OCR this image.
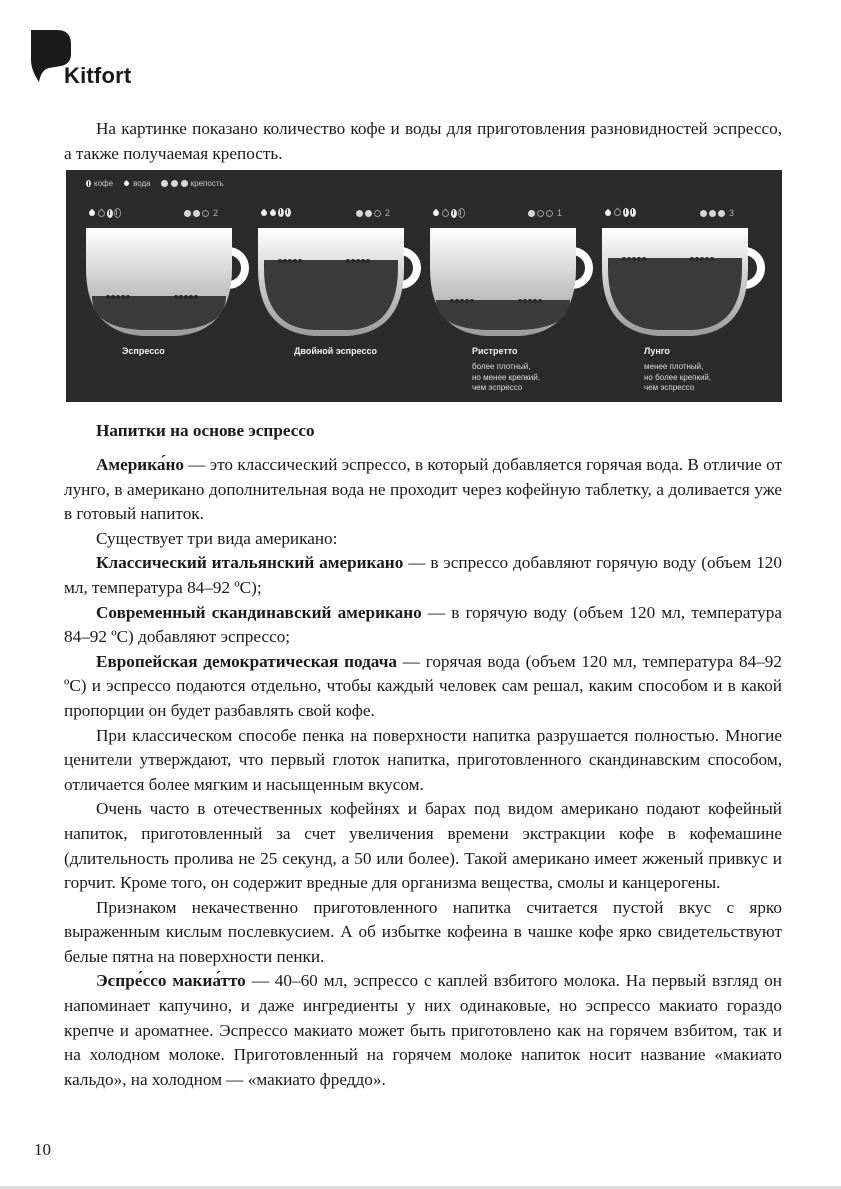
Kitfort

На картинке показано количество кофе и воды для приготовления разновидностей эспрессо, а также получаемая крепость.

кофе	вода	крепость
2
Эспрессо
2
Двойной эспрессо
1
Ристретто
более плотный,
но менее крепкий,
чем эспрессо
3
Лунго
менее плотный,
но более крепкий,
чем эспрессо
Напитки на основе эспрессо

Америка́но — это классический эспрессо, в который добавляется горячая вода. В отличие от лунго, в американо дополнительная вода не проходит через кофейную таблетку, а доливается уже в готовый напиток.

Существует три вида американо:

Классический итальянский американо — в эспрессо добавляют горячую воду (объем 120 мл, температура 84–92 ºС);

Современный скандинавский американо — в горячую воду (объем 120 мл, температура 84–92 ºС) добавляют эспрессо;

Европейская демократическая подача — горячая вода (объем 120 мл, температура 84–92 ºС) и эспрессо подаются отдельно, чтобы каждый человек сам решал, каким способом и в какой пропорции он будет разбавлять свой кофе.

При классическом способе пенка на поверхности напитка разрушается полностью. Многие ценители утверждают, что первый глоток напитка, приготовленного скандинавским способом, отличается более мягким и насыщенным вкусом.

Очень часто в отечественных кофейнях и барах под видом американо подают кофейный напиток, приготовленный за счет увеличения времени экстракции кофе в кофемашине (длительность пролива не 25 секунд, а 50 или более). Такой американо имеет жженый привкус и горчит. Кроме того, он содержит вредные для организма вещества, смолы и канцерогены.

Признаком некачественно приготовленного напитка считается пустой вкус с ярко выраженным кислым послевкусием. А об избытке кофеина в чашке кофе ярко свидетельствуют белые пятна на поверхности пенки.

Эспре́ссо макиа́тто — 40–60 мл, эспрессо с каплей взбитого молока. На первый взгляд он напоминает капучино, и даже ингредиенты у них одинаковые, но эспрессо макиато гораздо крепче и ароматнее. Эспрессо макиато может быть приготовлено как на горячем взбитом, так и на холодном молоке. Приготовленный на горячем молоке напиток носит название «макиато кальдо», на холодном — «макиато фреддо».

10
